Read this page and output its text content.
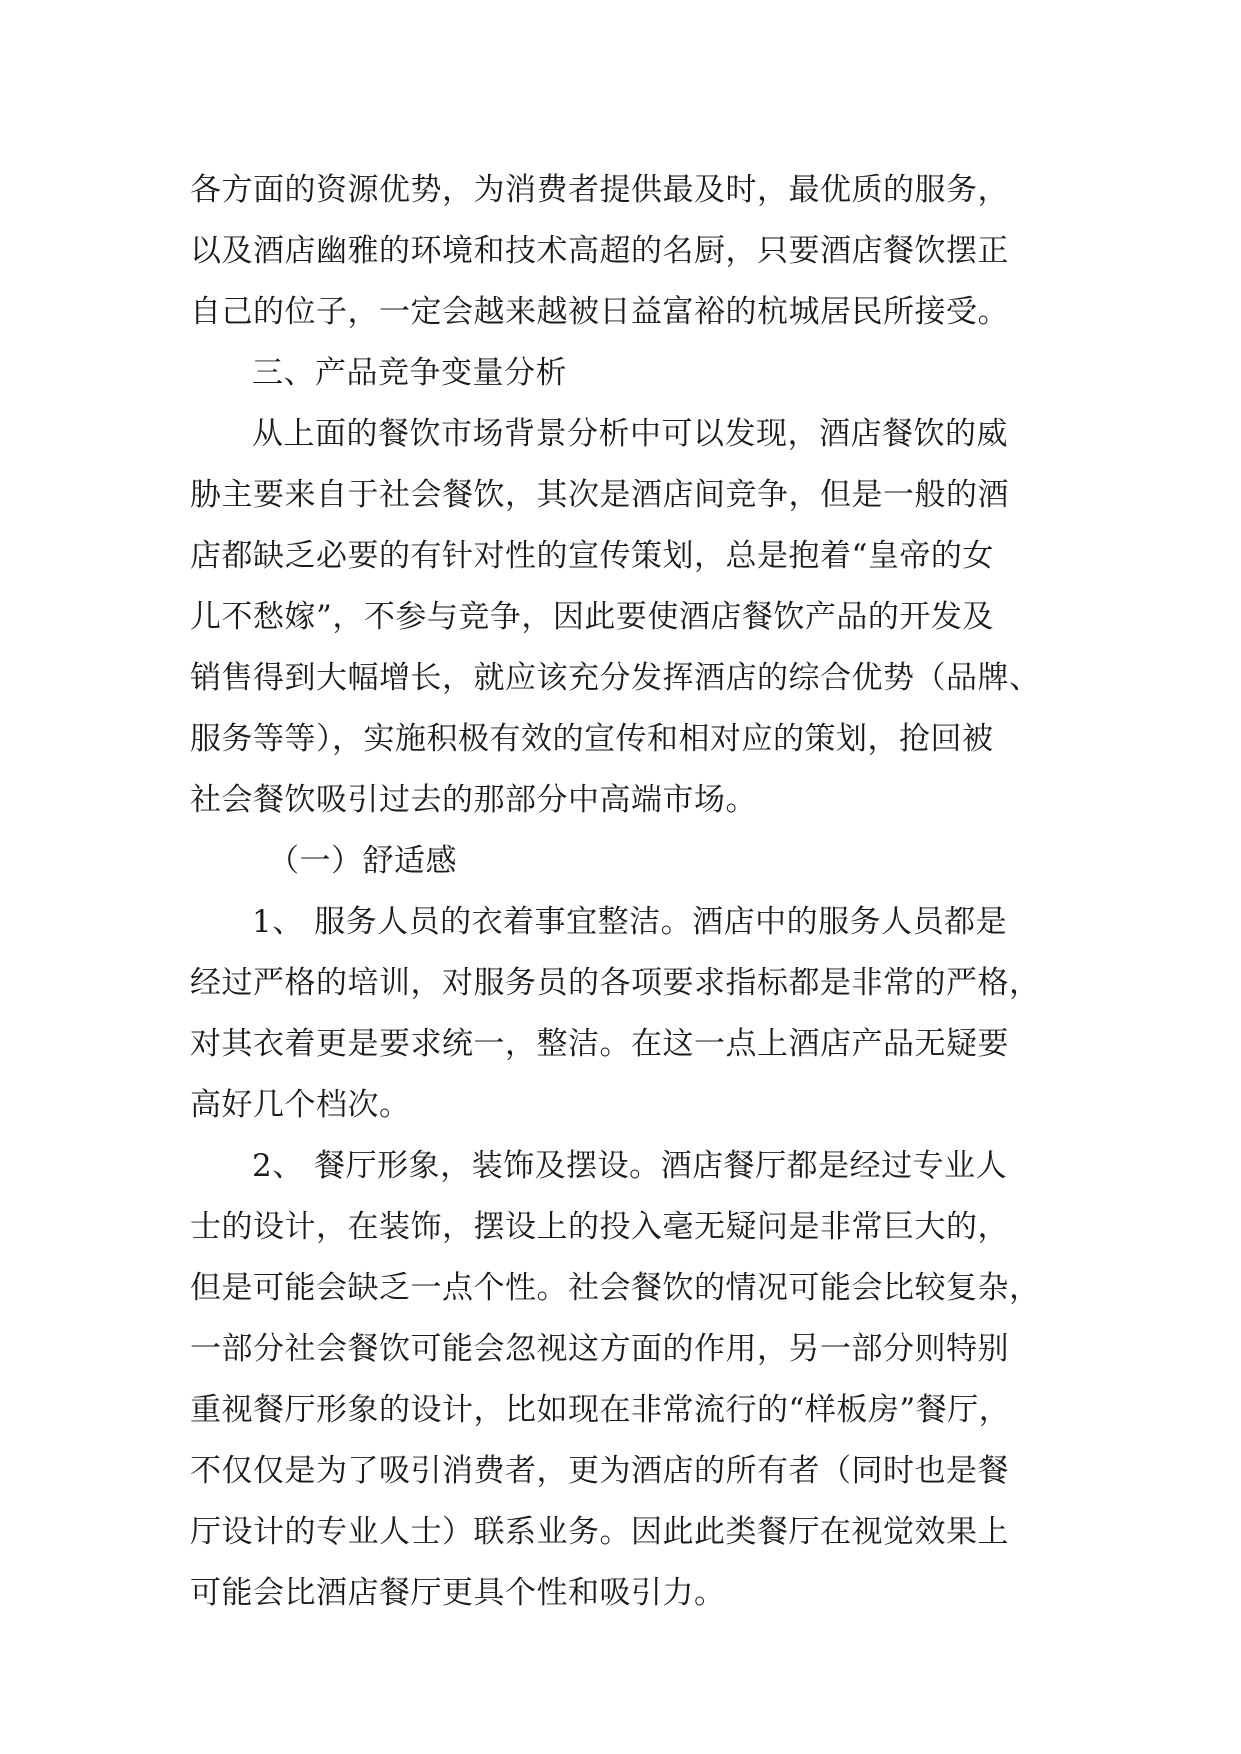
各方面的资源优势，为消费者提供最及时，最优质的服务，
以及酒店幽雅的环境和技术高超的名厨，只要酒店餐饮摆正
自己的位子，一定会越来越被日益富裕的杭城居民所接受。
三、产品竞争变量分析
从上面的餐饮市场背景分析中可以发现，酒店餐饮的威
胁主要来自于社会餐饮，其次是酒店间竞争，但是一般的酒
店都缺乏必要的有针对性的宣传策划，总是抱着“皇帝的女
儿不愁嫁”，不参与竞争，因此要使酒店餐饮产品的开发及
销售得到大幅增长，就应该充分发挥酒店的综合优势（品牌、
服务等等），实施积极有效的宣传和相对应的策划，抢回被
社会餐饮吸引过去的那部分中高端市场。
（一）舒适感
1、 服务人员的衣着事宜整洁。酒店中的服务人员都是
经过严格的培训，对服务员的各项要求指标都是非常的严格，
对其衣着更是要求统一，整洁。在这一点上酒店产品无疑要
高好几个档次。
2、 餐厅形象，装饰及摆设。酒店餐厅都是经过专业人
士的设计，在装饰，摆设上的投入毫无疑问是非常巨大的，
但是可能会缺乏一点个性。社会餐饮的情况可能会比较复杂，
一部分社会餐饮可能会忽视这方面的作用，另一部分则特别
重视餐厅形象的设计，比如现在非常流行的“样板房”餐厅，
不仅仅是为了吸引消费者，更为酒店的所有者（同时也是餐
厅设计的专业人士）联系业务。因此此类餐厅在视觉效果上
可能会比酒店餐厅更具个性和吸引力。
